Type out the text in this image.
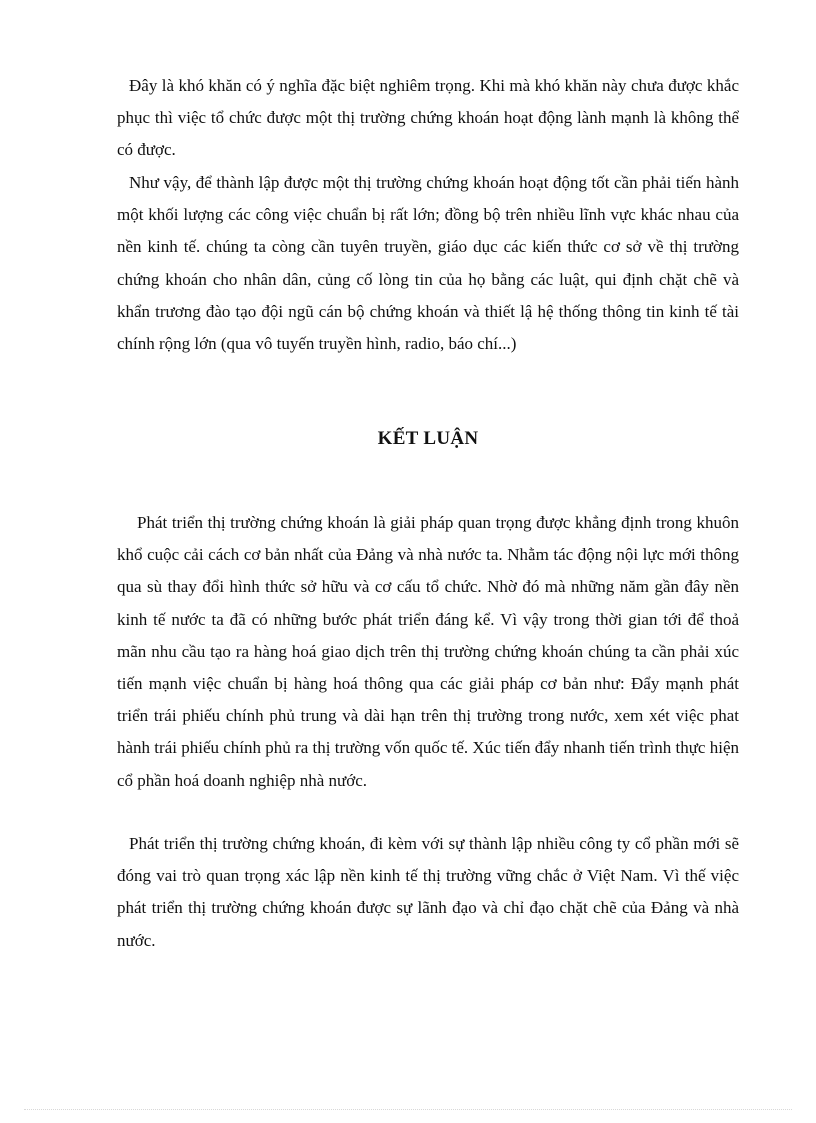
Đây là khó khăn có ý nghĩa đặc biệt nghiêm trọng. Khi mà khó khăn này chưa được khắc phục thì việc tổ chức được một thị trường chứng khoán hoạt động lành mạnh là không thể có được.

Như vậy, để thành lập được một thị trường chứng khoán hoạt động tốt cần phải tiến hành một khối lượng các công việc chuẩn bị rất lớn; đồng bộ trên nhiều lĩnh vực khác nhau của nền kinh tế. chúng ta còng cần tuyên truyền, giáo dục các kiến thức cơ sở về thị trường chứng khoán cho nhân dân, củng cố lòng tin của họ bằng các luật, qui định chặt chẽ và khẩn trương đào tạo đội ngũ cán bộ chứng khoán và thiết lậ hệ thống thông tin kinh tế tài chính rộng lớn (qua vô tuyến truyền hình, radio, báo chí...)

KẾT LUẬN

Phát triển thị trường chứng khoán là giải pháp quan trọng được khẳng định trong khuôn khổ cuộc cải cách cơ bản nhất của Đảng và nhà nước ta. Nhằm tác động nội lực mới thông qua sù thay đổi hình thức sở hữu và cơ cấu tổ chức. Nhờ đó mà những năm gần đây nền kinh tế nước ta đã có những bước phát triển đáng kể. Vì vậy trong thời gian tới để thoả mãn nhu cầu tạo ra hàng hoá giao dịch trên thị trường chứng khoán chúng ta cần phải xúc tiến mạnh việc chuẩn bị hàng hoá thông qua các giải pháp cơ bản như: Đẩy mạnh phát triển trái phiếu chính phủ trung và dài hạn trên thị trường trong nước, xem xét việc phat hành trái phiếu chính phủ ra thị trường vốn quốc tế. Xúc tiến đẩy nhanh tiến trình thực hiện cổ phần hoá doanh nghiệp nhà nước.

Phát triển thị trường chứng khoán, đi kèm với sự thành lập nhiều công ty cổ phần mới sẽ đóng vai trò quan trọng xác lập nền kinh tế thị trường vững chắc ở Việt Nam. Vì thế việc phát triển thị trường chứng khoán được sự lãnh đạo và chỉ đạo chặt chẽ của Đảng và nhà nước.
